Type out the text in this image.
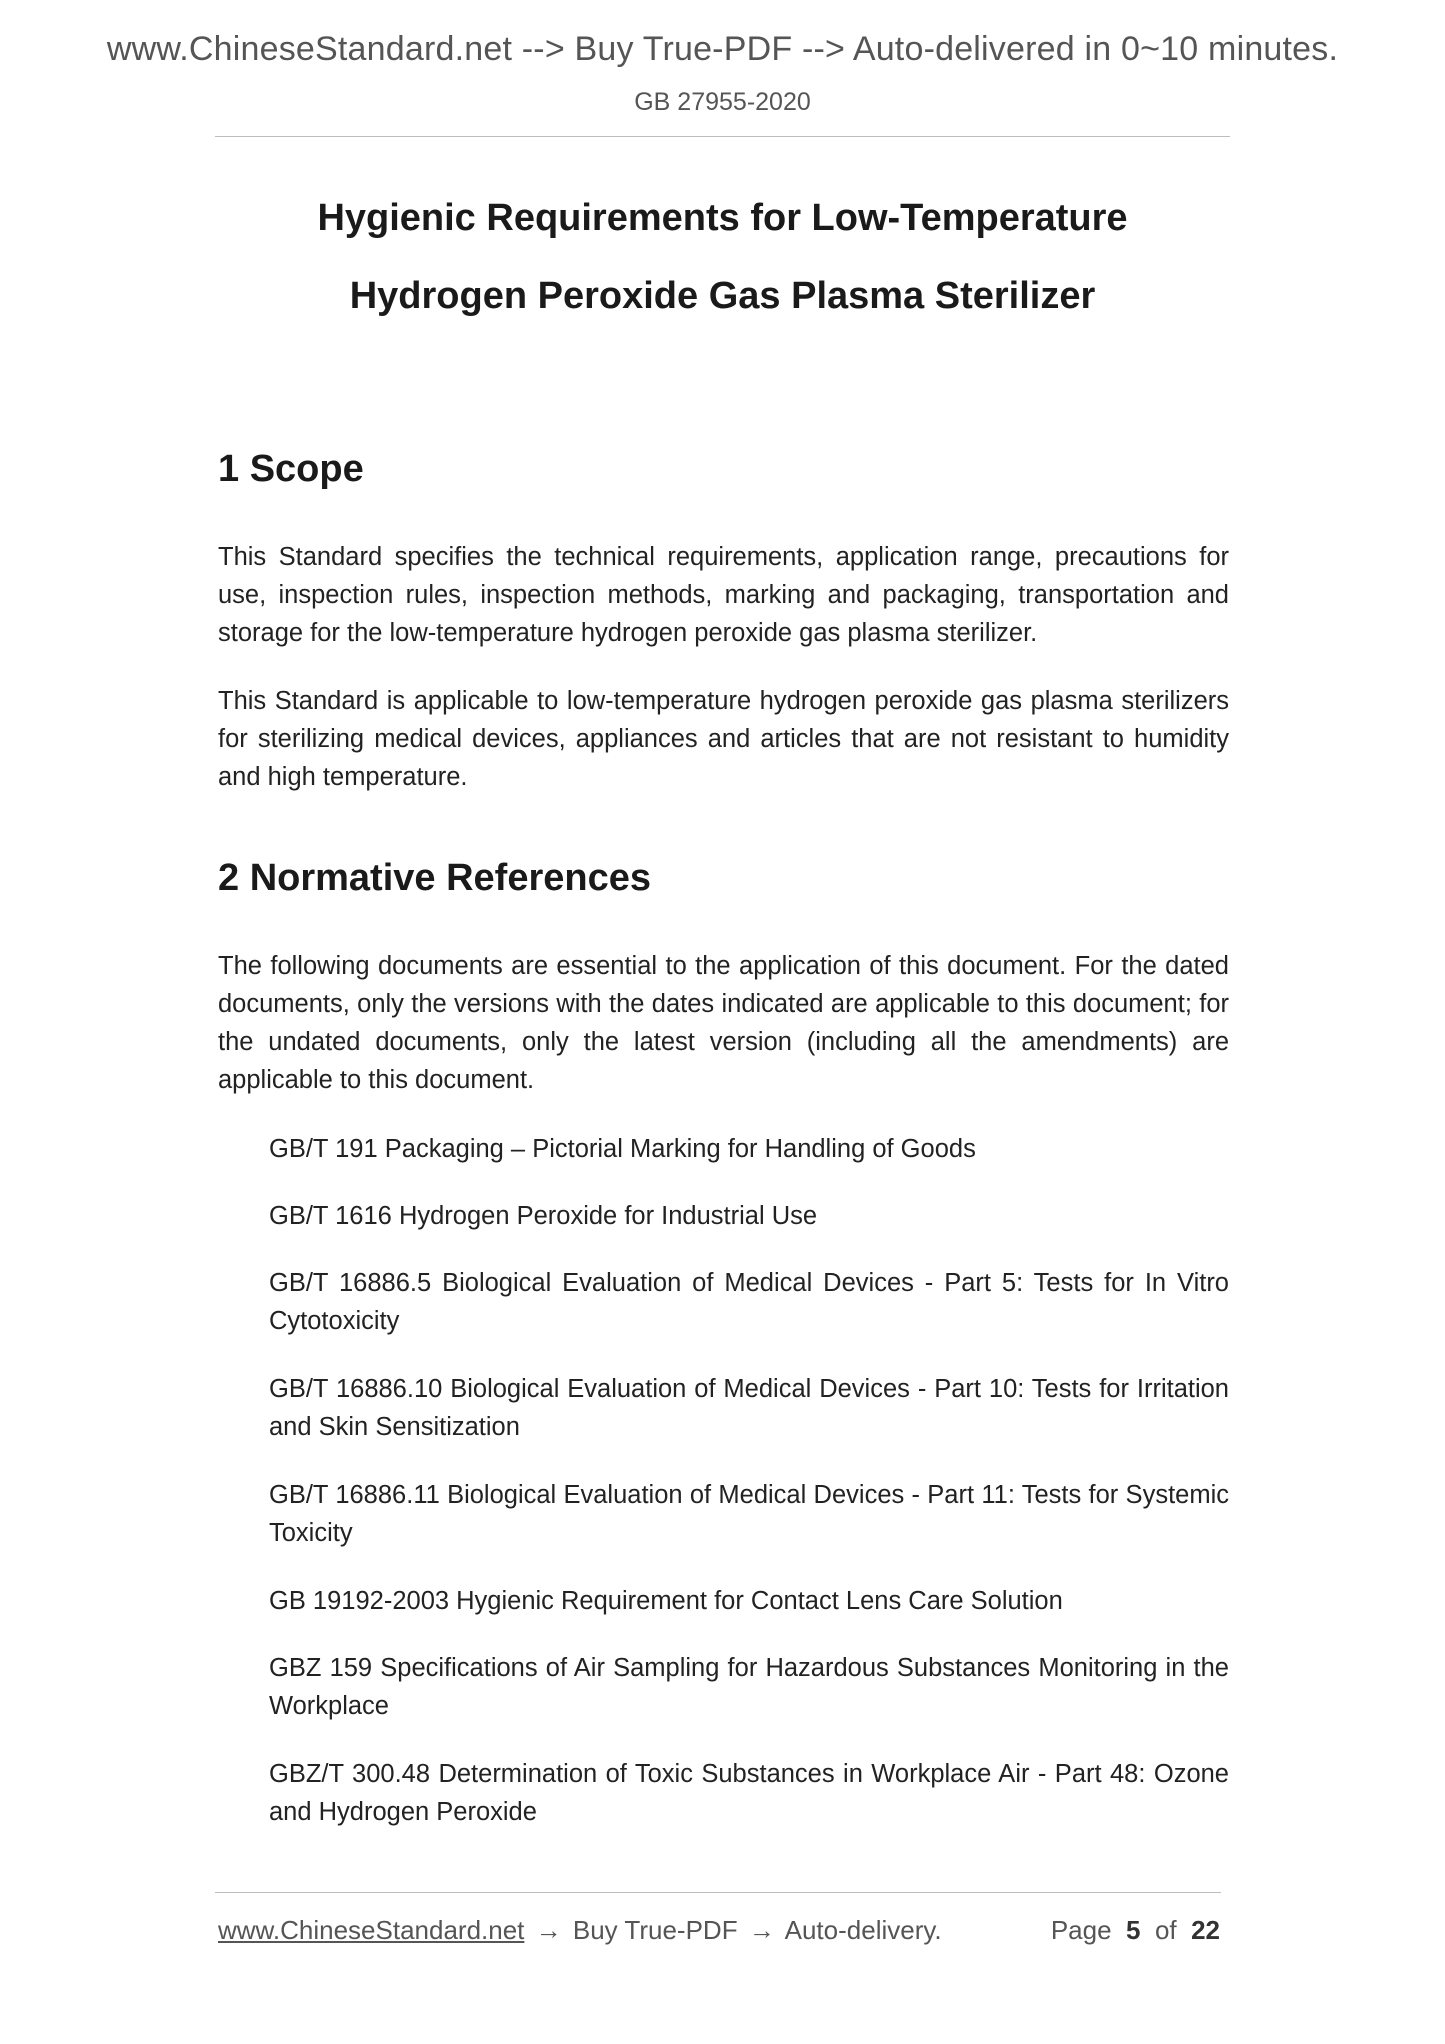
www.ChineseStandard.net --> Buy True-PDF --> Auto-delivered in 0~10 minutes.
GB 27955-2020
Hygienic Requirements for Low-Temperature
Hydrogen Peroxide Gas Plasma Sterilizer
1 Scope
This Standard specifies the technical requirements, application range, precautions for use, inspection rules, inspection methods, marking and packaging, transportation and storage for the low-temperature hydrogen peroxide gas plasma sterilizer.
This Standard is applicable to low-temperature hydrogen peroxide gas plasma sterilizers for sterilizing medical devices, appliances and articles that are not resistant to humidity and high temperature.
2 Normative References
The following documents are essential to the application of this document. For the dated documents, only the versions with the dates indicated are applicable to this document; for the undated documents, only the latest version (including all the amendments) are applicable to this document.
GB/T 191 Packaging – Pictorial Marking for Handling of Goods
GB/T 1616 Hydrogen Peroxide for Industrial Use
GB/T 16886.5 Biological Evaluation of Medical Devices - Part 5: Tests for In Vitro Cytotoxicity
GB/T 16886.10 Biological Evaluation of Medical Devices - Part 10: Tests for Irritation and Skin Sensitization
GB/T 16886.11 Biological Evaluation of Medical Devices - Part 11: Tests for Systemic Toxicity
GB 19192-2003 Hygienic Requirement for Contact Lens Care Solution
GBZ 159 Specifications of Air Sampling for Hazardous Substances Monitoring in the Workplace
GBZ/T 300.48 Determination of Toxic Substances in Workplace Air - Part 48: Ozone and Hydrogen Peroxide
www.ChineseStandard.net → Buy True-PDF → Auto-delivery.	Page 5 of 22
